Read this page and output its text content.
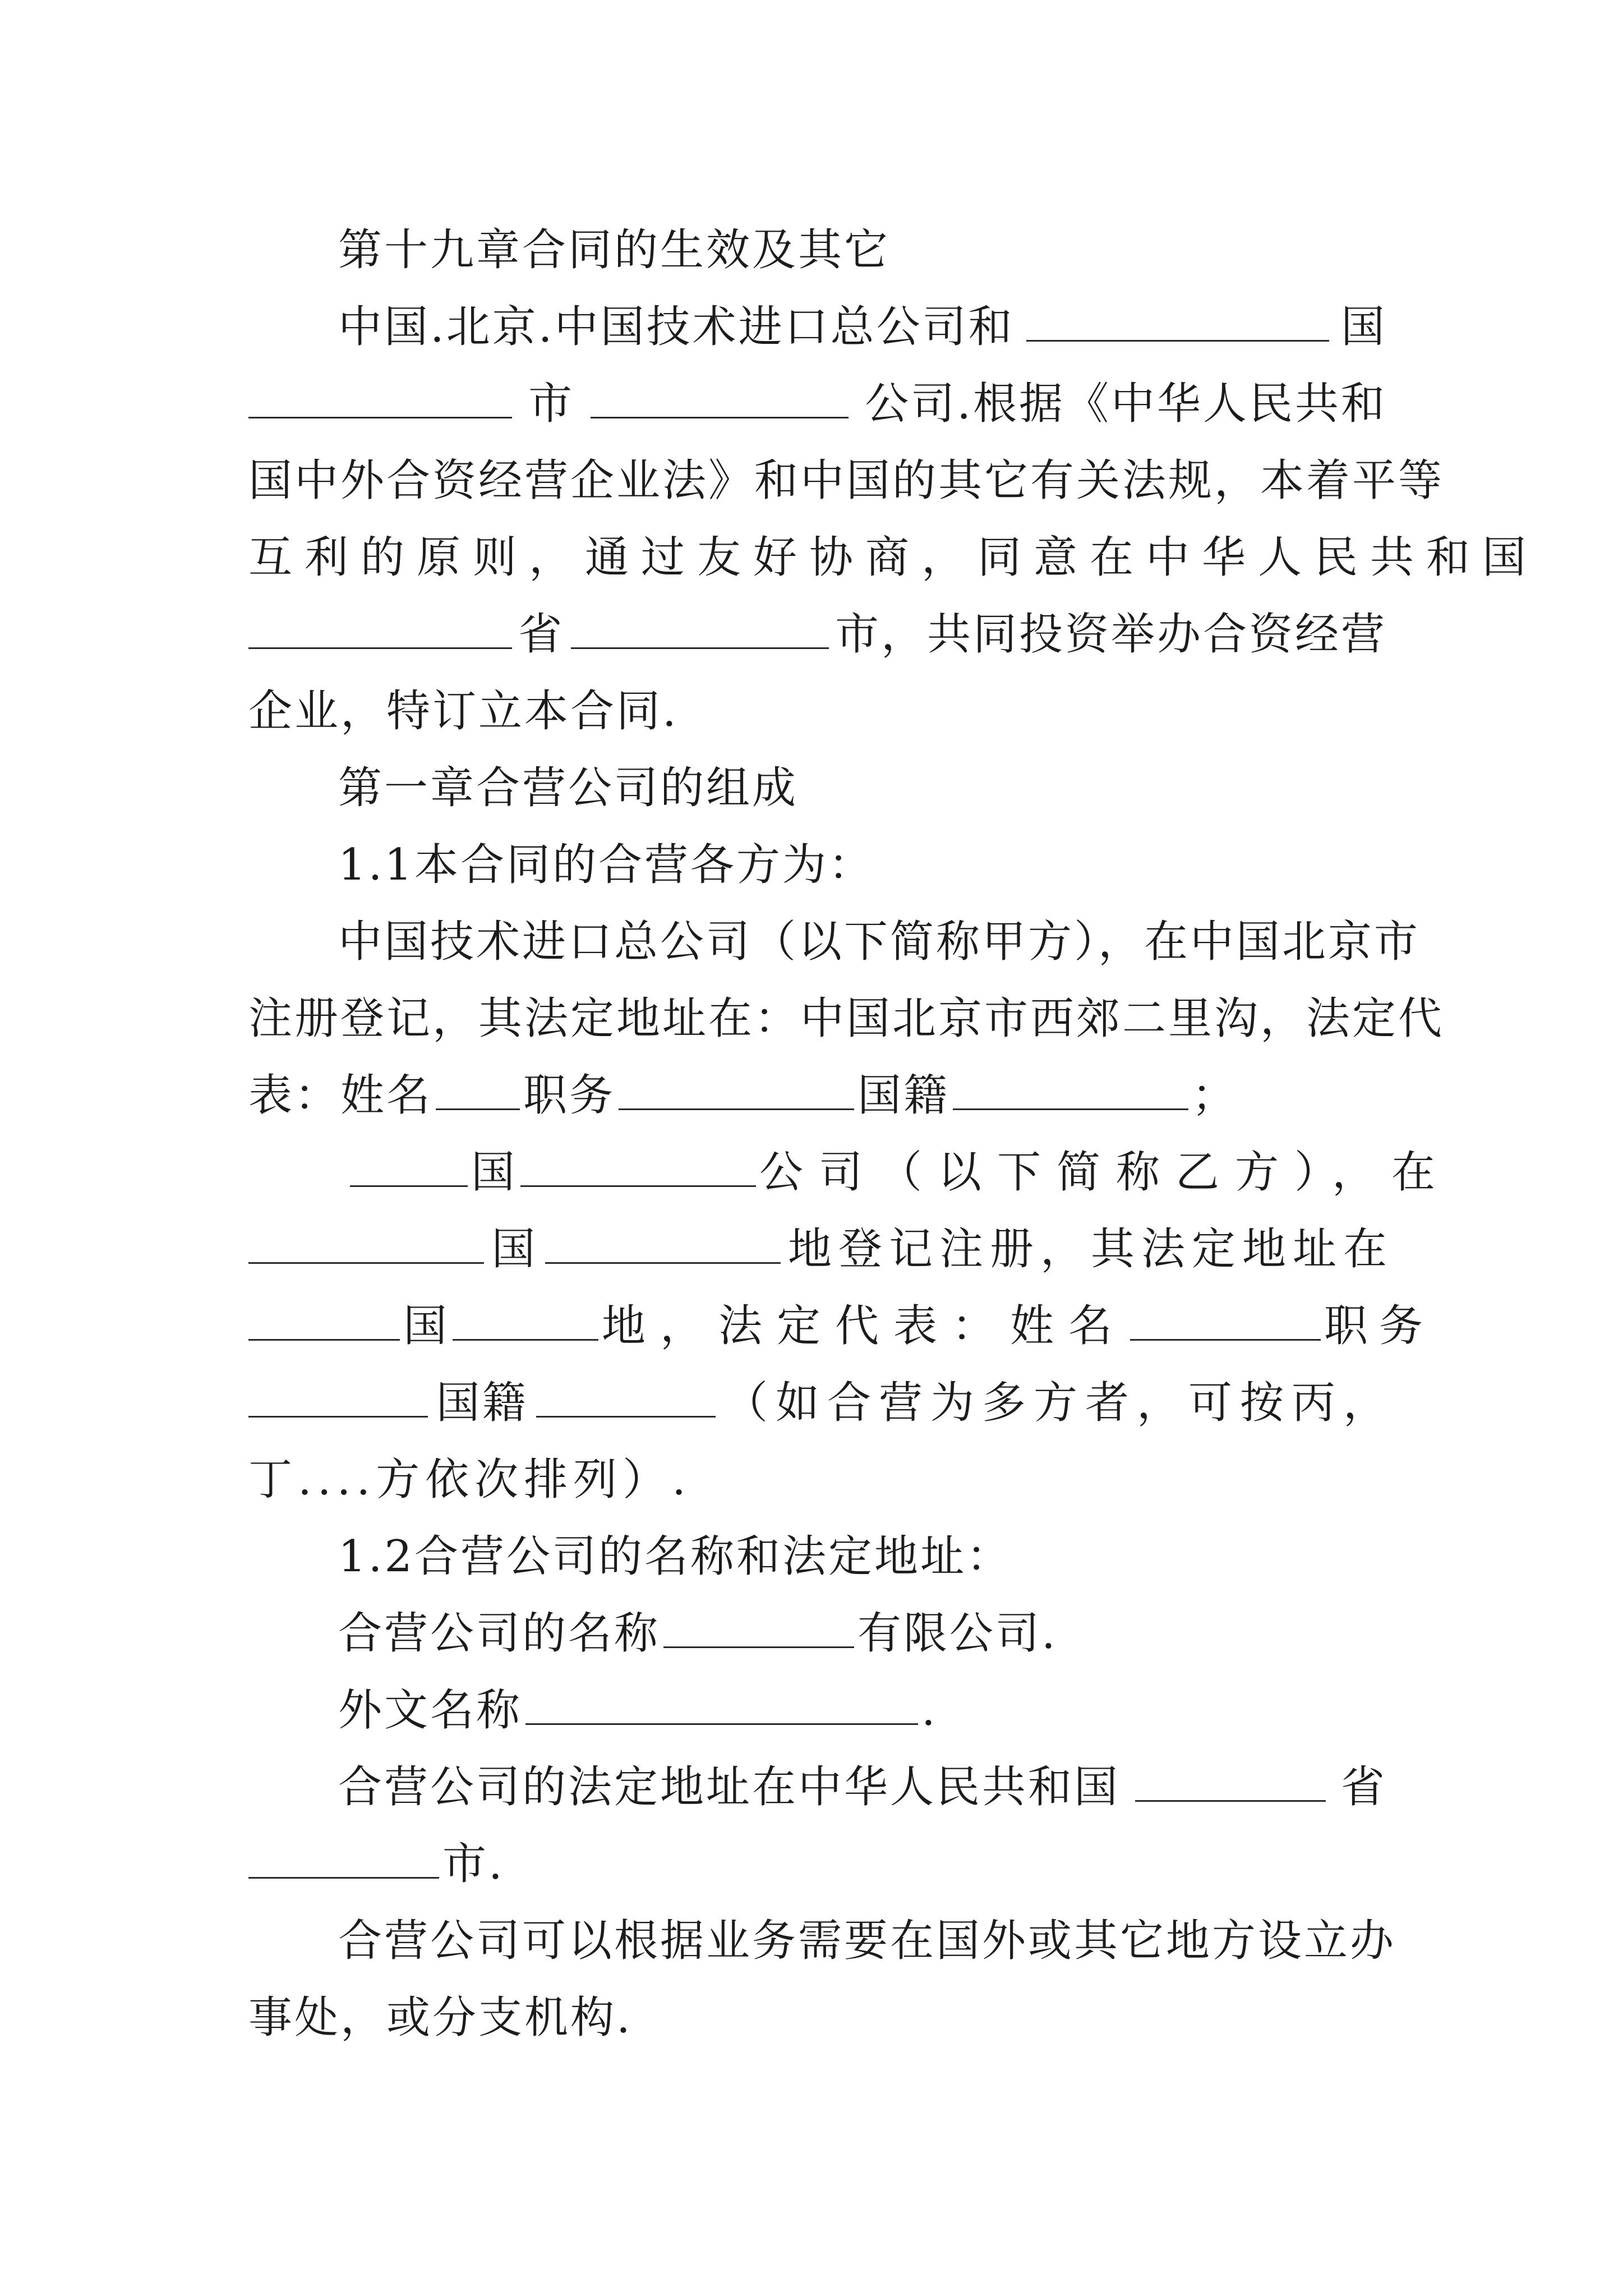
第十九章合同的生效及其它
中国.北京.中国技术进口总公司和	国
市	公司.根据《中华人民共和
国中外合资经营企业法》和中国的其它有关法规，本着平等
互利的原则，通过友好协商，同意在中华人民共和国
省	市，共同投资举办合资经营
企业，特订立本合同.
第一章合营公司的组成
1.1本合同的合营各方为：
中国技术进口总公司（以下简称甲方），在中国北京市
注册登记，其法定地址在：中国北京市西郊二里沟，法定代
表：姓名 职务	国籍	；
国	公司（以下简称乙方），在
国	地登记注册，其法定地址在
国	地，法定代表：姓名	职务
国籍	（如合营为多方者，可按丙，
丁....方依次排列）.
1.2合营公司的名称和法定地址：
合营公司的名称	有限公司.
外文名称	.
合营公司的法定地址在中华人民共和国	省
市.
合营公司可以根据业务需要在国外或其它地方设立办
事处，或分支机构.
